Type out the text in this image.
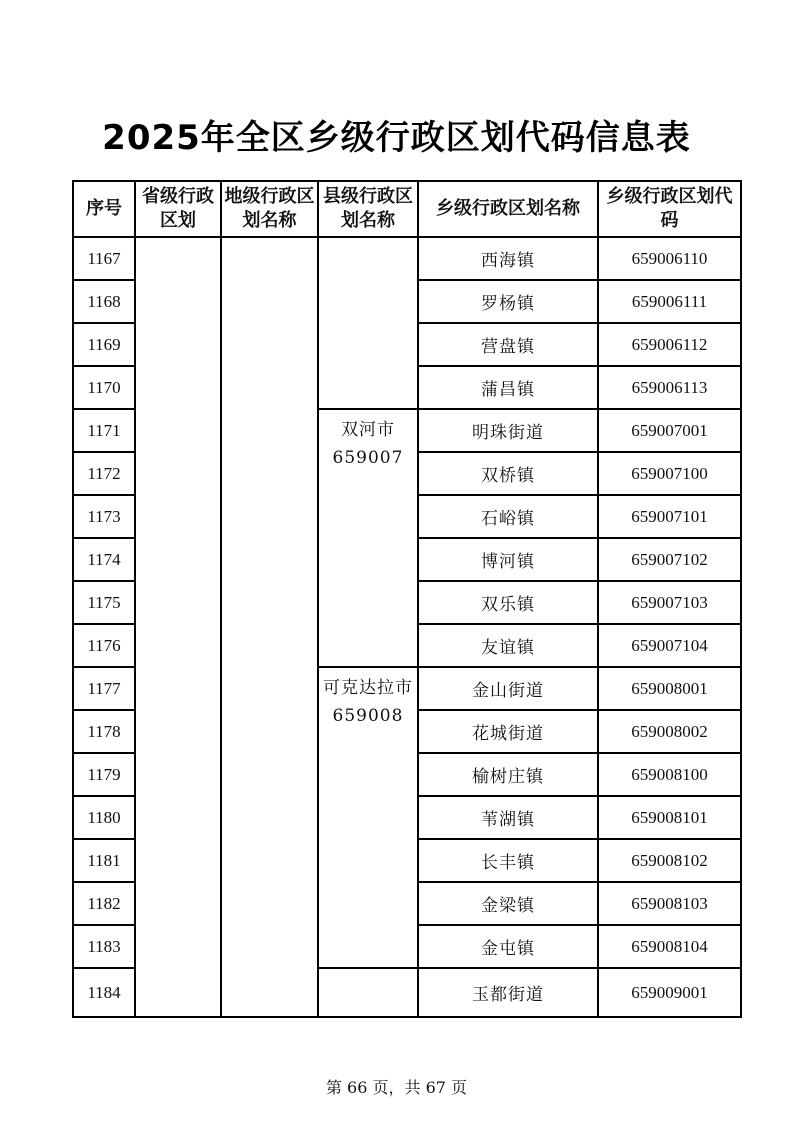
2025年全区乡级行政区划代码信息表
序号	省级行政区划	地级行政区划名称	县级行政区划名称	乡级行政区划名称	乡级行政区划代码
1167				西海镇	659006110
1168				罗杨镇	659006111
1169				营盘镇	659006112
1170				蒲昌镇	659006113
1171			双河市659007	明珠街道	659007001
1172				双桥镇	659007100
1173				石峪镇	659007101
1174				博河镇	659007102
1175				双乐镇	659007103
1176				友谊镇	659007104
1177			可克达拉市 659008	金山街道	659008001
1178				花城街道	659008002
1179				榆树庄镇	659008100
1180				苇湖镇	659008101
1181				长丰镇	659008102
1182				金梁镇	659008103
1183				金屯镇	659008104
1184				玉都街道	659009001
第 66 页，共 67 页
